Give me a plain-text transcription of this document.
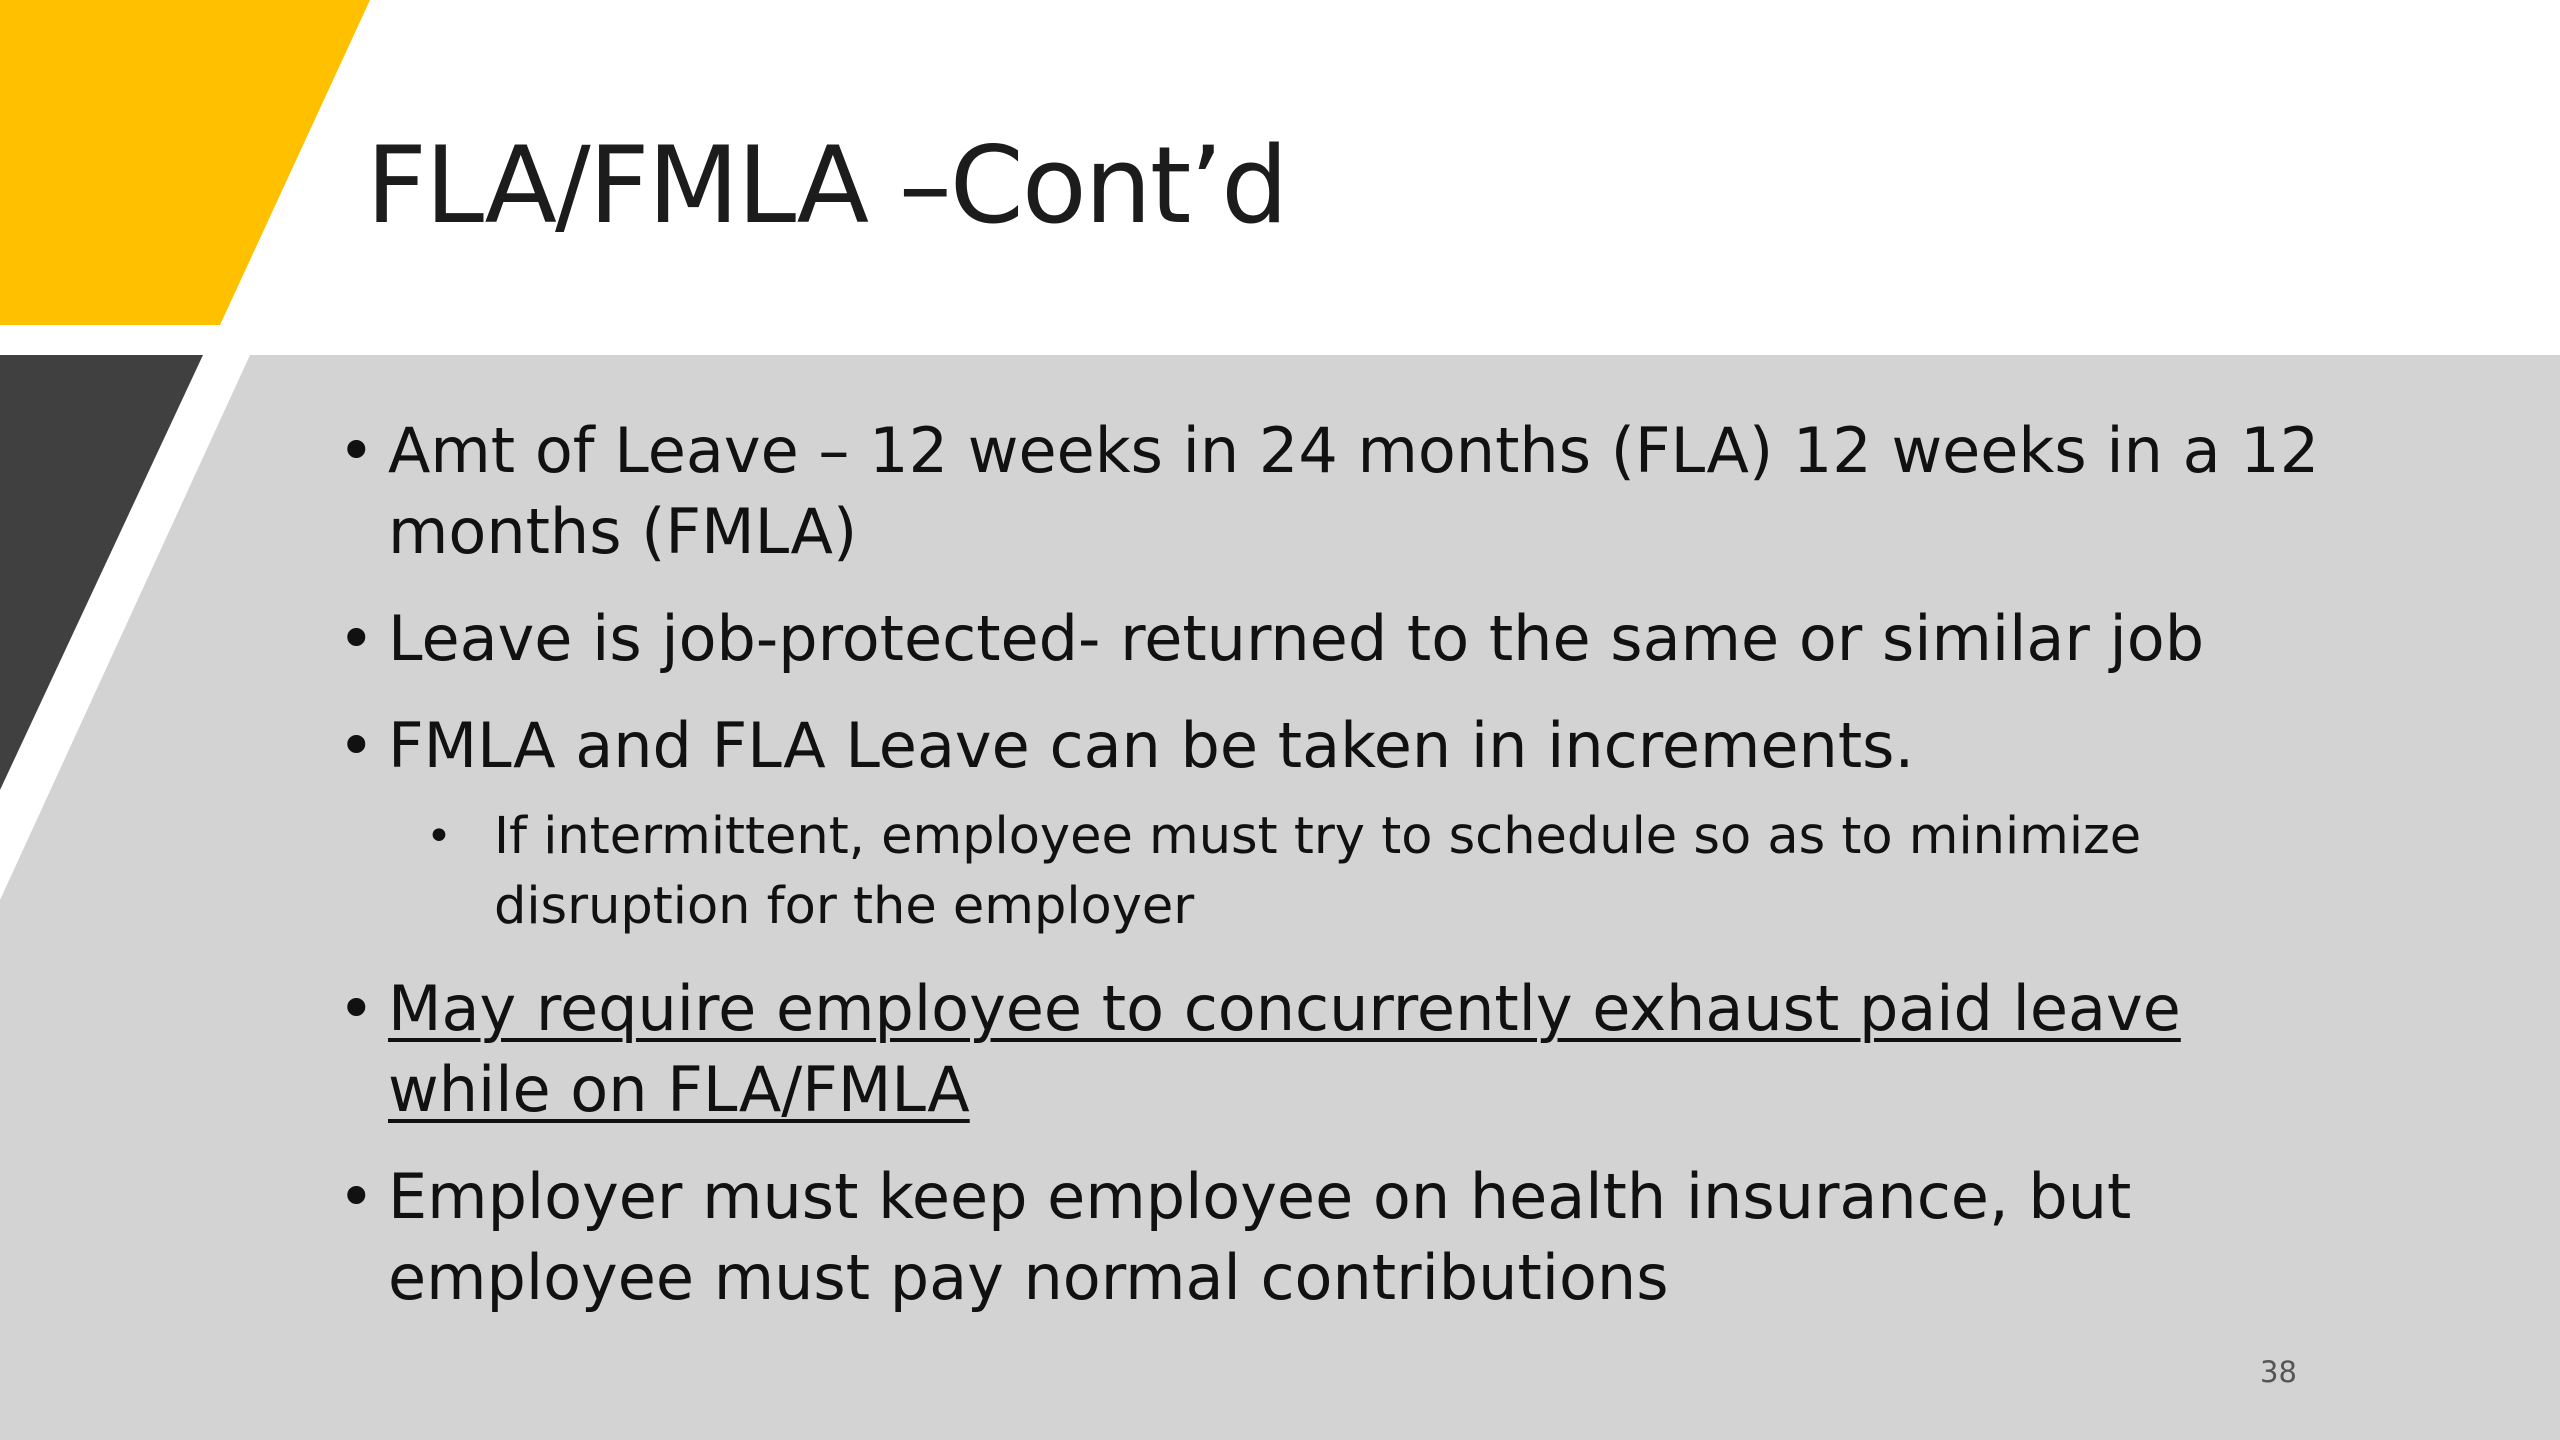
FLA/FMLA –Cont’d
• Amt of Leave – 12 weeks in 24 months (FLA) 12 weeks in a 12 months (FMLA)
• Leave is job-protected- returned to the same or similar job
• FMLA and FLA Leave can be taken in increments.
• If intermittent, employee must try to schedule so as to minimize disruption for the employer
• May require employee to concurrently exhaust paid leave while on FLA/FMLA
• Employer must keep employee on health insurance, but employee must pay normal contributions
38
